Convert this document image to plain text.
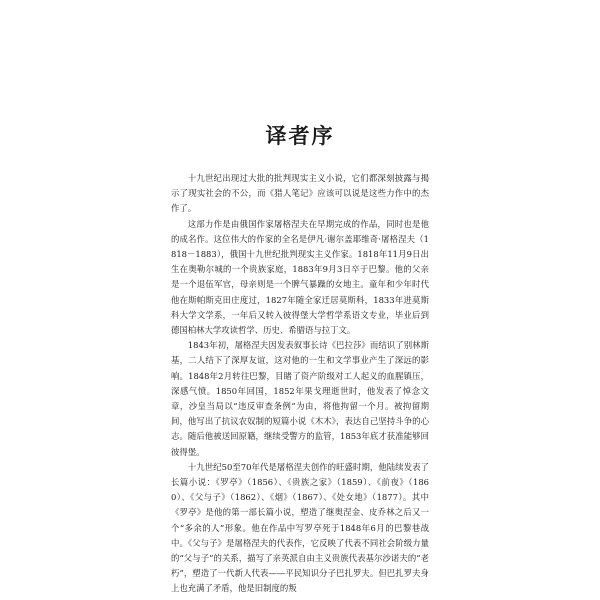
译者序

十九世纪出现过大批的批判现实主义小说，它们都深刻披露与揭示了现实社会的不公，而《猎人笔记》应该可以说是这些力作中的杰作了。

这部力作是由俄国作家屠格涅夫在早期完成的作品，同时也是他的成名作。这位伟大的作家的全名是伊凡·谢尔盖耶维奇·屠格涅夫（1818－1883），俄国十九世纪批判现实主义作家。1818年11月9日出生在奥勒尔城的一个贵族家庭，1883年9月3日卒于巴黎。他的父亲是一个退伍军官，母亲则是一个脾气暴躁的女地主。童年和少年时代他在斯帕斯克田庄度过，1827年随全家迁居莫斯科，1833年进莫斯科大学文学系，一年后又转入彼得堡大学哲学系语文专业，毕业后到德国柏林大学攻读哲学、历史、希腊语与拉丁文。

1843年初，屠格涅夫因发表叙事长诗《巴拉莎》而结识了别林斯基，二人结下了深厚友谊，这对他的一生和文学事业产生了深远的影响。1848年2月转往巴黎，目睹了资产阶级对工人起义的血腥镇压，深感气愤。1850年回国，1852年果戈理逝世时，他发表了悼念文章，沙皇当局以“违反审查条例”为由，将他拘留一个月。被拘留期间，他写出了抗议农奴制的短篇小说《木木》，表达自己坚持斗争的心志。随后他被送回原籍，继续受警方的监管，1853年底才获准能够回彼得堡。

十九世纪50至70年代是屠格涅夫创作的旺盛时期，他陆续发表了长篇小说：《罗亭》（1856）、《贵族之家》（1859）、《前夜》（1860）、《父与子》（1862）、《烟》（1867）、《处女地》（1877）。其中《罗亭》是他的第一部长篇小说，塑造了继奥涅金、皮乔林之后又一个“多余的人”形象。他在作品中写罗亭死于1848年6月的巴黎巷战中。《父与子》是屠格涅夫的代表作，它反映了代表不同社会阶级力量的“父与子”的关系，描写了亲英派自由主义贵族代表基尔沙诺夫的“老朽”，塑造了一代新人代表——平民知识分子巴扎罗夫。但巴扎罗夫身上也充满了矛盾，他是旧制度的叛
